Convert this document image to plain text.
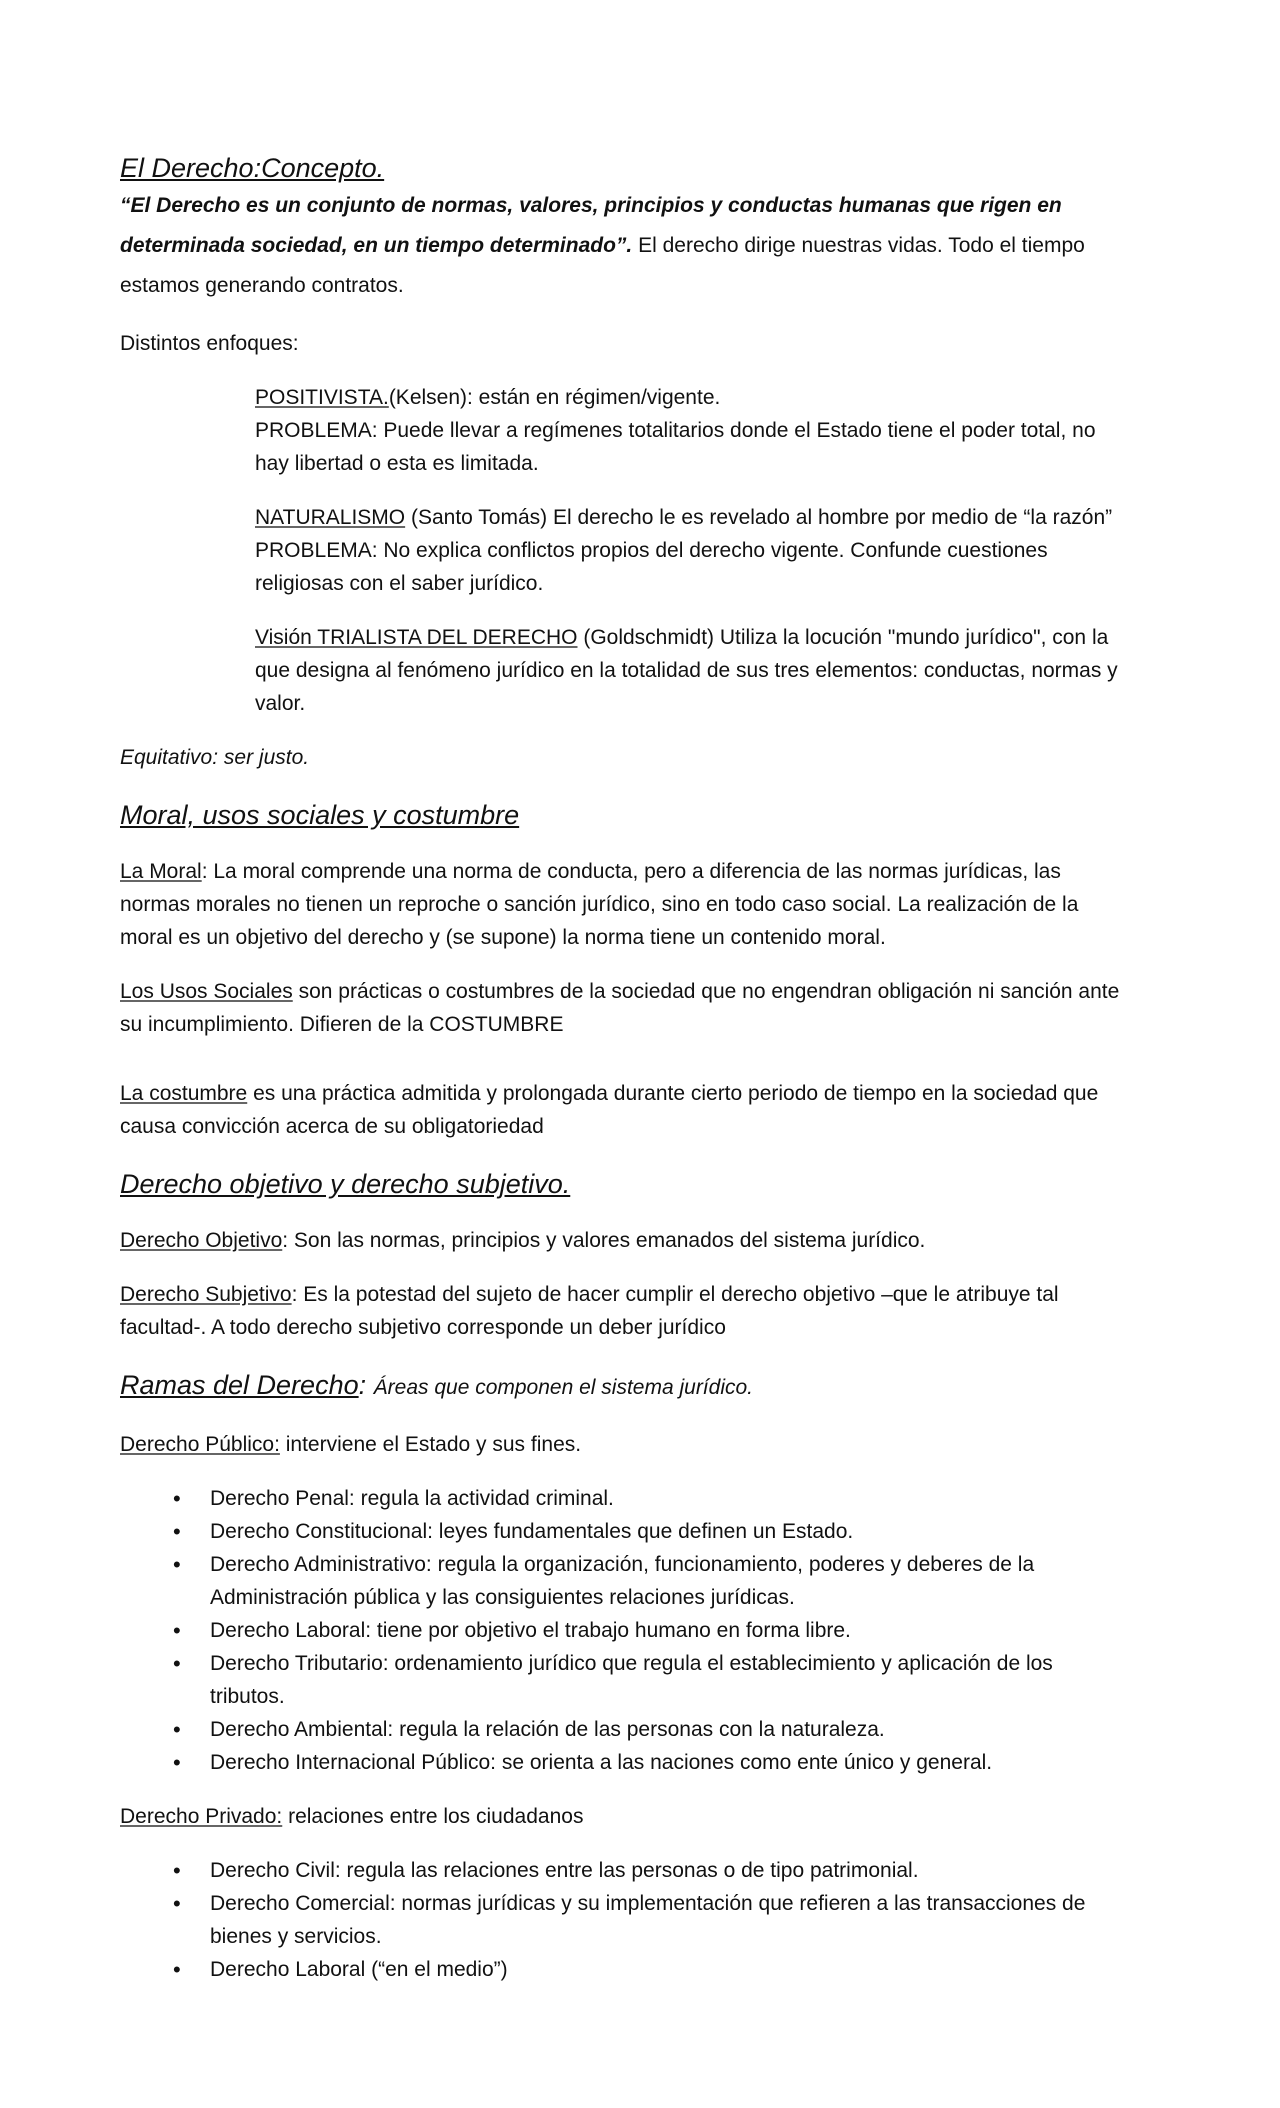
El Derecho:Concepto.

“El Derecho es un conjunto de normas, valores, principios y conductas humanas que rigen en determinada sociedad, en un tiempo determinado”. El derecho dirige nuestras vidas. Todo el tiempo estamos generando contratos.

Distintos enfoques:

POSITIVISTA.(Kelsen): están en régimen/vigente.
PROBLEMA: Puede llevar a regímenes totalitarios donde el Estado tiene el poder total, no hay libertad o esta es limitada.

NATURALISMO (Santo Tomás) El derecho le es revelado al hombre por medio de “la razón”
PROBLEMA: No explica conflictos propios del derecho vigente. Confunde cuestiones religiosas con el saber jurídico.

Visión TRIALISTA DEL DERECHO (Goldschmidt) Utiliza la locución "mundo jurídico", con la que designa al fenómeno jurídico en la totalidad de sus tres elementos: conductas, normas y valor.

Equitativo: ser justo.

Moral, usos sociales y costumbre

La Moral: La moral comprende una norma de conducta, pero a diferencia de las normas jurídicas, las normas morales no tienen un reproche o sanción jurídico, sino en todo caso social. La realización de la moral es un objetivo del derecho y (se supone) la norma tiene un contenido moral.

Los Usos Sociales son prácticas o costumbres de la sociedad que no engendran obligación ni sanción ante su incumplimiento. Difieren de la COSTUMBRE

La costumbre es una práctica admitida y prolongada durante cierto periodo de tiempo en la sociedad que causa convicción acerca de su obligatoriedad

Derecho objetivo y derecho subjetivo.

Derecho Objetivo: Son las normas, principios y valores emanados del sistema jurídico.

Derecho Subjetivo: Es la potestad del sujeto de hacer cumplir el derecho objetivo –que le atribuye tal facultad-. A todo derecho subjetivo corresponde un deber jurídico

Ramas del Derecho: Áreas que componen el sistema jurídico.

Derecho Público: interviene el Estado y sus fines.

• Derecho Penal: regula la actividad criminal.
• Derecho Constitucional: leyes fundamentales que definen un Estado.
• Derecho Administrativo: regula la organización, funcionamiento, poderes y deberes de la Administración pública y las consiguientes relaciones jurídicas.
• Derecho Laboral: tiene por objetivo el trabajo humano en forma libre.
• Derecho Tributario: ordenamiento jurídico que regula el establecimiento y aplicación de los tributos.
• Derecho Ambiental: regula la relación de las personas con la naturaleza.
• Derecho Internacional Público: se orienta a las naciones como ente único y general.

Derecho Privado: relaciones entre los ciudadanos

• Derecho Civil: regula las relaciones entre las personas o de tipo patrimonial.
• Derecho Comercial: normas jurídicas y su implementación que refieren a las transacciones de bienes y servicios.
• Derecho Laboral (“en el medio”)
